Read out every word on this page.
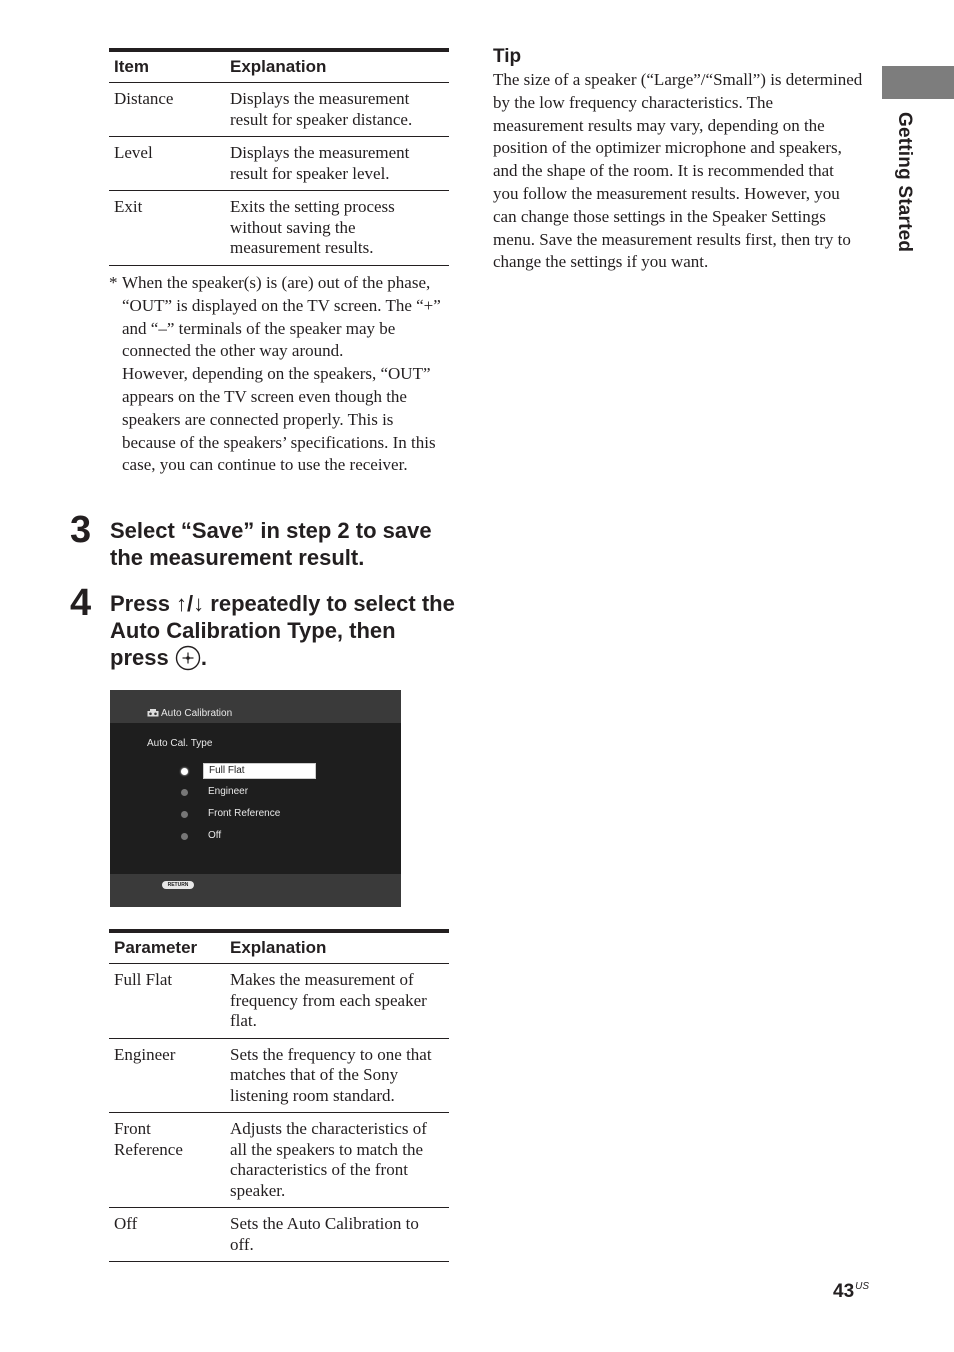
Item	Explanation
Distance	Displays the measurement result for speaker distance.
Level	Displays the measurement result for speaker level.
Exit	Exits the setting process without saving the measurement results.
* When the speaker(s) is (are) out of the phase, “OUT” is displayed on the TV screen. The “+” and “–” terminals of the speaker may be connected the other way around.

However, depending on the speakers, “OUT” appears on the TV screen even though the speakers are connected properly. This is because of the speakers’ specifications. In this case, you can continue to use the receiver.

3 Select “Save” in step 2 to save the measurement result.
4 Press ↑/↓ repeatedly to select the Auto Calibration Type, then press .
Auto Calibration
Auto Cal. Type
Full Flat
Engineer
Front Reference
Off
RETURN
Parameter	Explanation
Full Flat	Makes the measurement of frequency from each speaker flat.
Engineer	Sets the frequency to one that matches that of the Sony listening room standard.
Front Reference	Adjusts the characteristics of all the speakers to match the characteristics of the front speaker.
Off	Sets the Auto Calibration to off.
Tip

The size of a speaker (“Large”/“Small”) is determined by the low frequency characteristics. The measurement results may vary, depending on the position of the optimizer microphone and speakers, and the shape of the room. It is recommended that you follow the measurement results. However, you can change those settings in the Speaker Settings menu. Save the measurement results first, then try to change the settings if you want.

Getting Started
$43^{US}$
